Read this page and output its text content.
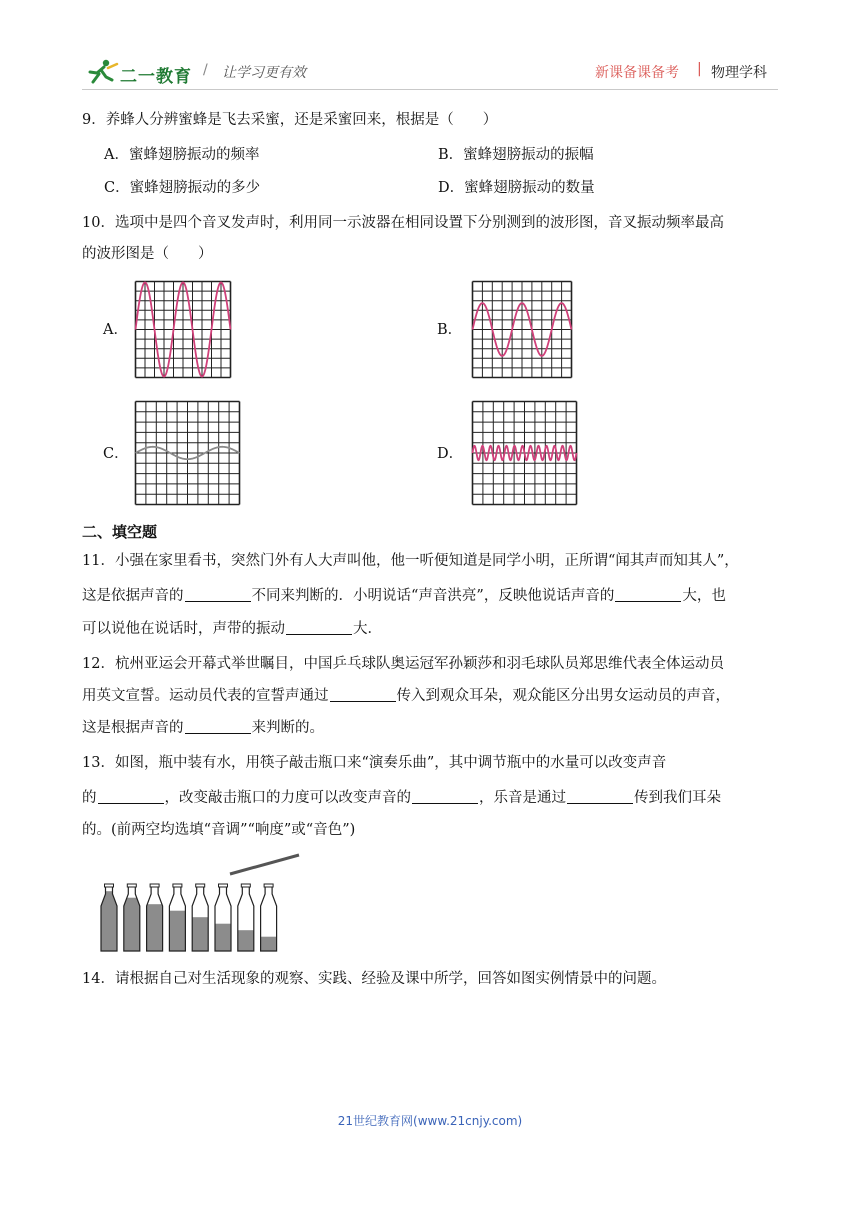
二一教育 / 让学习更有效	新课备课备考 | 物理学科
9．养蜂人分辨蜜蜂是飞去采蜜，还是采蜜回来，根据是（　　）
A．蜜蜂翅膀振动的频率	B．蜜蜂翅膀振动的振幅
C．蜜蜂翅膀振动的多少	D．蜜蜂翅膀振动的数量
10．选项中是四个音叉发声时，利用同一示波器在相同设置下分别测到的波形图，音叉振动频率最高
的波形图是（　　）
A．	B．
C．	D．
二、填空题
11．小强在家里看书，突然门外有人大声叫他，他一听便知道是同学小明，正所谓“闻其声而知其人”，
这是依据声音的	不同来判断的．小明说话“声音洪亮”，反映他说话声音的	大，也
可以说他在说话时，声带的振动	大．
12．杭州亚运会开幕式举世瞩目，中国乒乓球队奥运冠军孙颖莎和羽毛球队员郑思维代表全体运动员
用英文宣誓。运动员代表的宣誓声通过	传入到观众耳朵，观众能区分出男女运动员的声音，
这是根据声音的	来判断的。
13．如图，瓶中装有水，用筷子敲击瓶口来“演奏乐曲”，其中调节瓶中的水量可以改变声音
的	，改变敲击瓶口的力度可以改变声音的	，乐音是通过	传到我们耳朵
的。(前两空均选填“音调”“响度”或“音色”)
14．请根据自己对生活现象的观察、实践、经验及课中所学，回答如图实例情景中的问题。
21世纪教育网(www.21cnjy.com)
